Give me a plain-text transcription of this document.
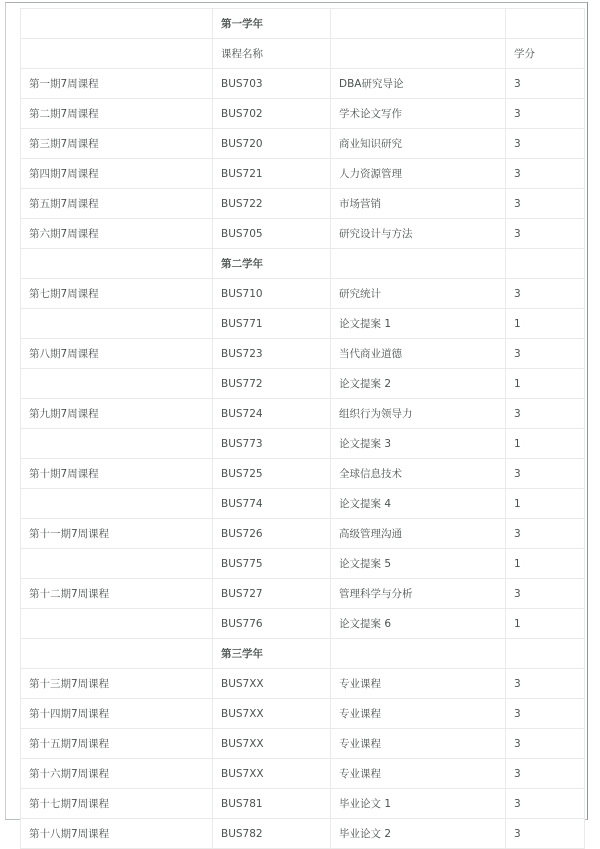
	第一学年		
	课程名称		学分
第一期7周课程	BUS703	DBA研究导论	3
第二期7周课程	BUS702	学术论文写作	3
第三期7周课程	BUS720	商业知识研究	3
第四期7周课程	BUS721	人力资源管理	3
第五期7周课程	BUS722	市场营销	3
第六期7周课程	BUS705	研究设计与方法	3
	第二学年		
第七期7周课程	BUS710	研究统计	3
	BUS771	论文提案 1	1
第八期7周课程	BUS723	当代商业道德	3
	BUS772	论文提案 2	1
第九期7周课程	BUS724	组织行为领导力	3
	BUS773	论文提案 3	1
第十期7周课程	BUS725	全球信息技术	3
	BUS774	论文提案 4	1
第十一期7周课程	BUS726	高级管理沟通	3
	BUS775	论文提案 5	1
第十二期7周课程	BUS727	管理科学与分析	3
	BUS776	论文提案 6	1
	第三学年		
第十三期7周课程	BUS7XX	专业课程	3
第十四期7周课程	BUS7XX	专业课程	3
第十五期7周课程	BUS7XX	专业课程	3
第十六期7周课程	BUS7XX	专业课程	3
第十七期7周课程	BUS781	毕业论文 1	3
第十八期7周课程	BUS782	毕业论文 2	3
